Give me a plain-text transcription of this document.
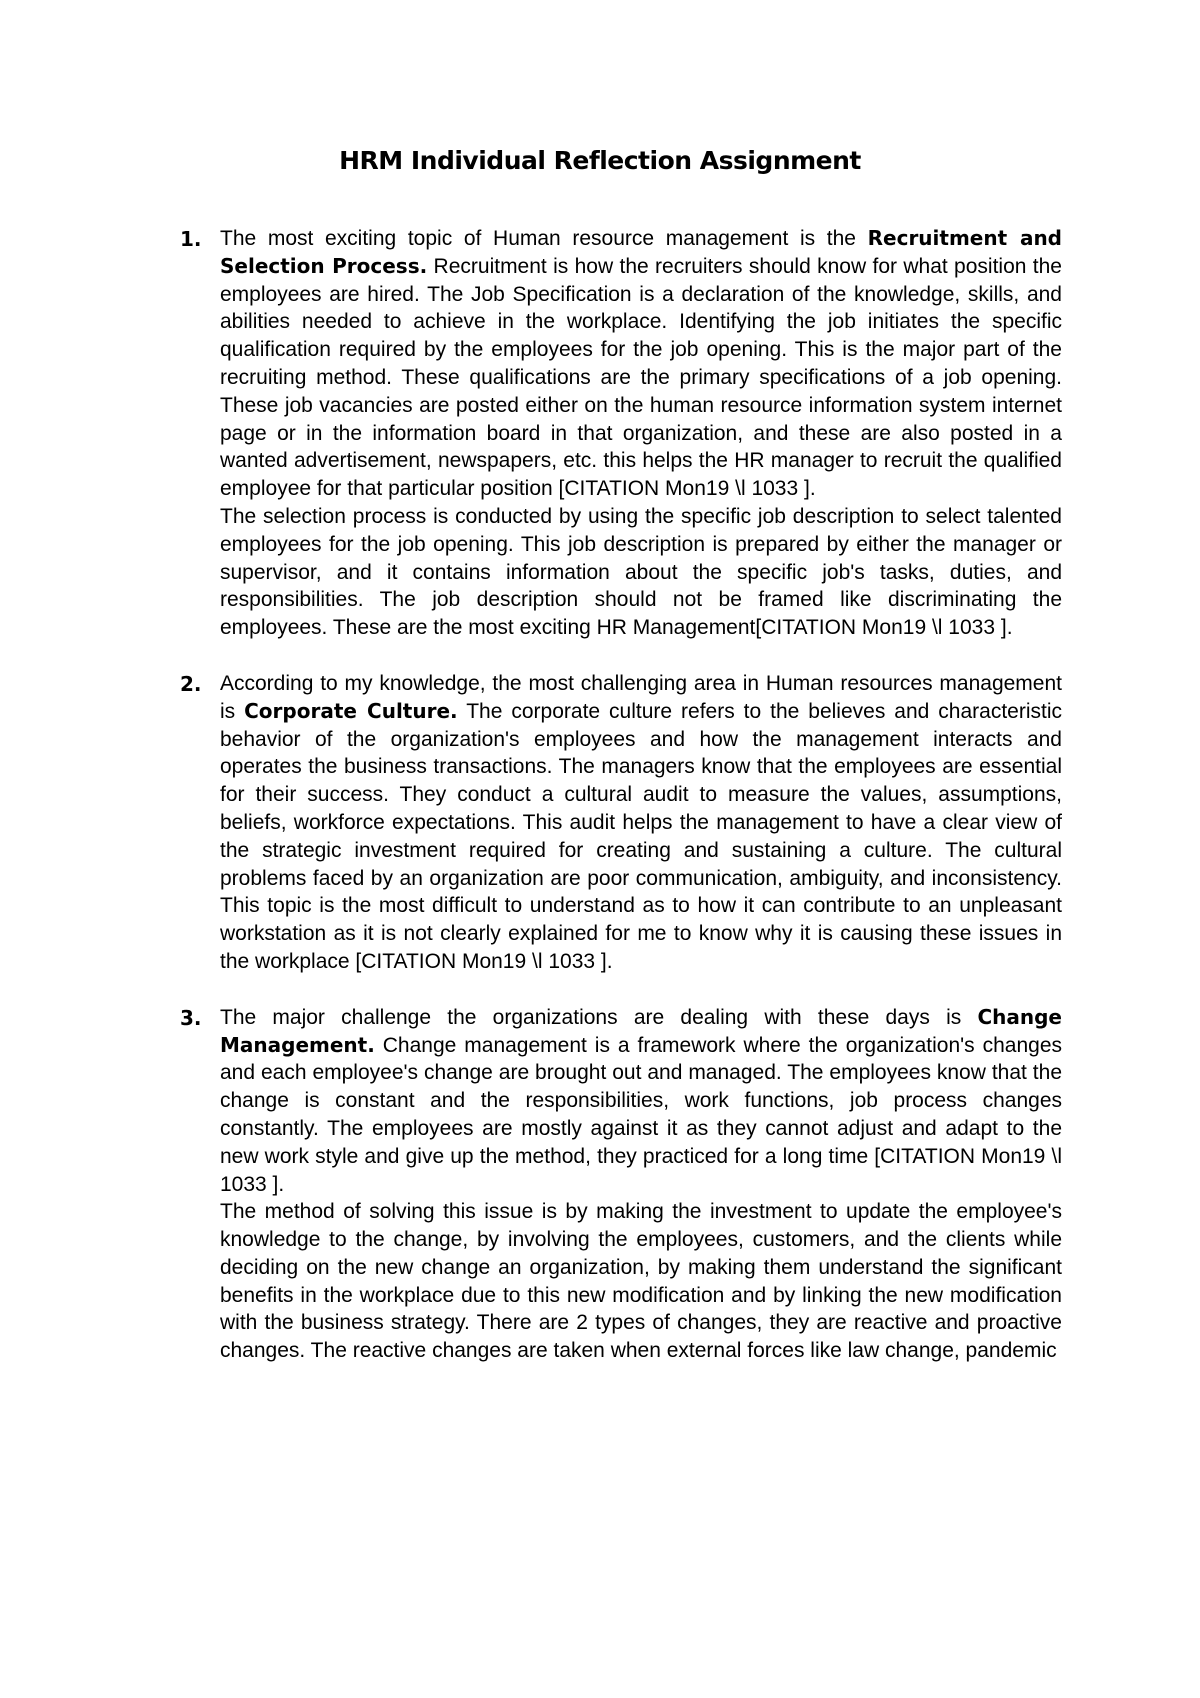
HRM Individual Reflection Assignment
1. The most exciting topic of Human resource management is the Recruitment and Selection Process. Recruitment is how the recruiters should know for what position the employees are hired. The Job Specification is a declaration of the knowledge, skills, and abilities needed to achieve in the workplace. Identifying the job initiates the specific qualification required by the employees for the job opening. This is the major part of the recruiting method. These qualifications are the primary specifications of a job opening. These job vacancies are posted either on the human resource information system internet page or in the information board in that organization, and these are also posted in a wanted advertisement, newspapers, etc. this helps the HR manager to recruit the qualified employee for that particular position [CITATION Mon19 \l 1033 ].

The selection process is conducted by using the specific job description to select talented employees for the job opening. This job description is prepared by either the manager or supervisor, and it contains information about the specific job's tasks, duties, and responsibilities. The job description should not be framed like discriminating the employees. These are the most exciting HR Management[CITATION Mon19 \l 1033 ].

2. According to my knowledge, the most challenging area in Human resources management is Corporate Culture. The corporate culture refers to the believes and characteristic behavior of the organization's employees and how the management interacts and operates the business transactions. The managers know that the employees are essential for their success. They conduct a cultural audit to measure the values, assumptions, beliefs, workforce expectations. This audit helps the management to have a clear view of the strategic investment required for creating and sustaining a culture. The cultural problems faced by an organization are poor communication, ambiguity, and inconsistency. This topic is the most difficult to understand as to how it can contribute to an unpleasant workstation as it is not clearly explained for me to know why it is causing these issues in the workplace [CITATION Mon19 \l 1033 ].

3. The major challenge the organizations are dealing with these days is Change Management. Change management is a framework where the organization's changes and each employee's change are brought out and managed. The employees know that the change is constant and the responsibilities, work functions, job process changes constantly. The employees are mostly against it as they cannot adjust and adapt to the new work style and give up the method, they practiced for a long time [CITATION Mon19 \l 1033 ].

The method of solving this issue is by making the investment to update the employee's knowledge to the change, by involving the employees, customers, and the clients while deciding on the new change an organization, by making them understand the significant benefits in the workplace due to this new modification and by linking the new modification with the business strategy. There are 2 types of changes, they are reactive and proactive changes. The reactive changes are taken when external forces like law change, pandemic
